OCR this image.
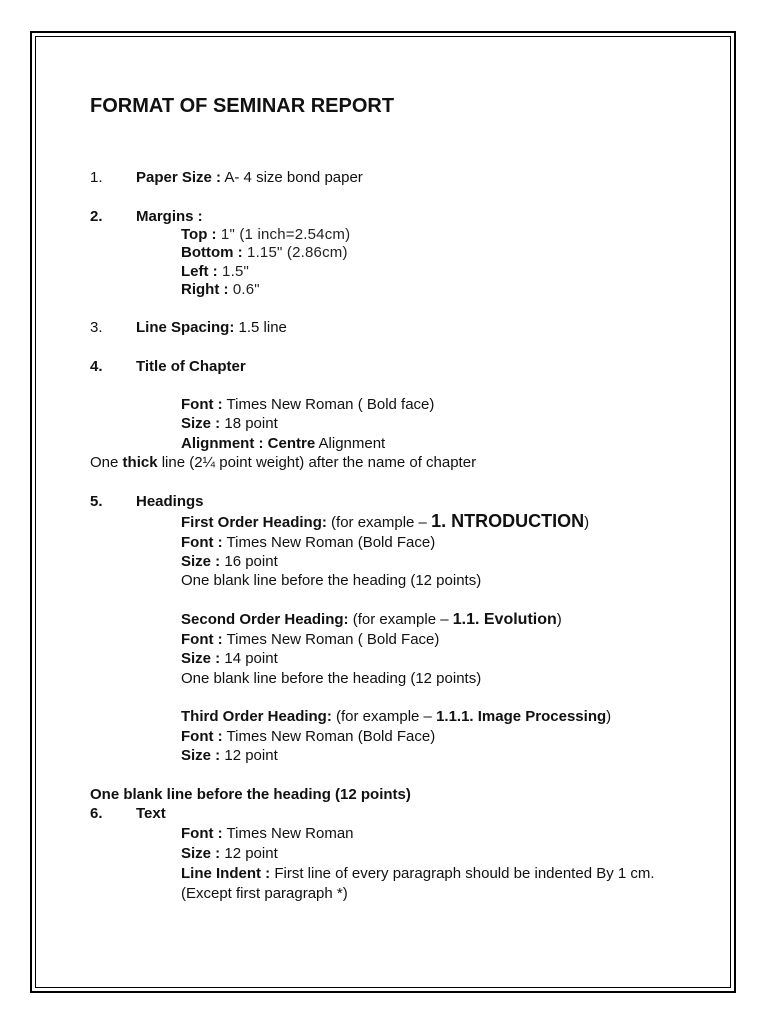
FORMAT OF SEMINAR REPORT
1. Paper Size : A- 4 size bond paper
2. Margins :
Top : 1" (1 inch=2.54cm)
Bottom : 1.15" (2.86cm)
Left : 1.5"
Right : 0.6"
3. Line Spacing: 1.5 line
4. Title of Chapter
Font : Times New Roman ( Bold face)
Size : 18 point
Alignment : Centre Alignment
One thick line (2¼ point weight) after the name of chapter
5. Headings
First Order Heading: (for example – 1. NTRODUCTION)
Font : Times New Roman (Bold Face)
Size : 16 point
One blank line before the heading (12 points)
Second Order Heading: (for example – 1.1. Evolution)
Font : Times New Roman ( Bold Face)
Size : 14 point
One blank line before the heading (12 points)
Third Order Heading: (for example – 1.1.1. Image Processing)
Font : Times New Roman (Bold Face)
Size : 12 point
One blank line before the heading (12 points)
6. Text
Font : Times New Roman
Size : 12 point
Line Indent : First line of every paragraph should be indented By 1 cm. (Except first paragraph *)
